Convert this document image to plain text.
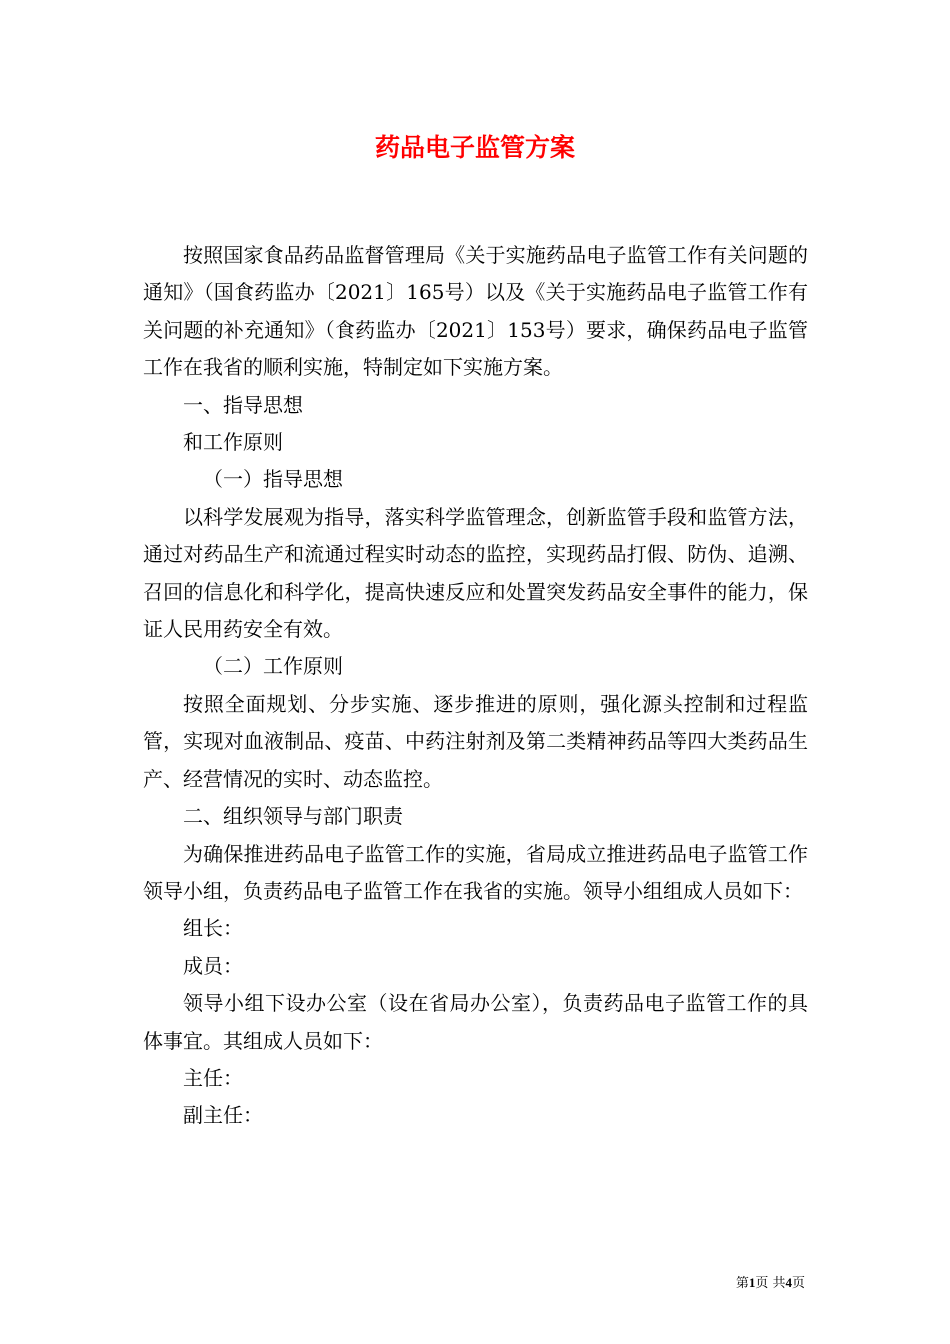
药品电子监管方案

按照国家食品药品监督管理局《关于实施药品电子监管工作有关问题的通知》（国食药监办〔2021〕165号）以及《关于实施药品电子监管工作有关问题的补充通知》（食药监办〔2021〕153号）要求，确保药品电子监管工作在我省的顺利实施，特制定如下实施方案。

一、指导思想

和工作原则

（一）指导思想

以科学发展观为指导，落实科学监管理念，创新监管手段和监管方法，通过对药品生产和流通过程实时动态的监控，实现药品打假、防伪、追溯、召回的信息化和科学化，提高快速反应和处置突发药品安全事件的能力，保证人民用药安全有效。

（二）工作原则

按照全面规划、分步实施、逐步推进的原则，强化源头控制和过程监管，实现对血液制品、疫苗、中药注射剂及第二类精神药品等四大类药品生产、经营情况的实时、动态监控。

二、组织领导与部门职责

为确保推进药品电子监管工作的实施，省局成立推进药品电子监管工作领导小组，负责药品电子监管工作在我省的实施。领导小组组成人员如下：

组长：

成员：

领导小组下设办公室（设在省局办公室），负责药品电子监管工作的具体事宜。其组成人员如下：

主任：

副主任：

第1页 共4页
